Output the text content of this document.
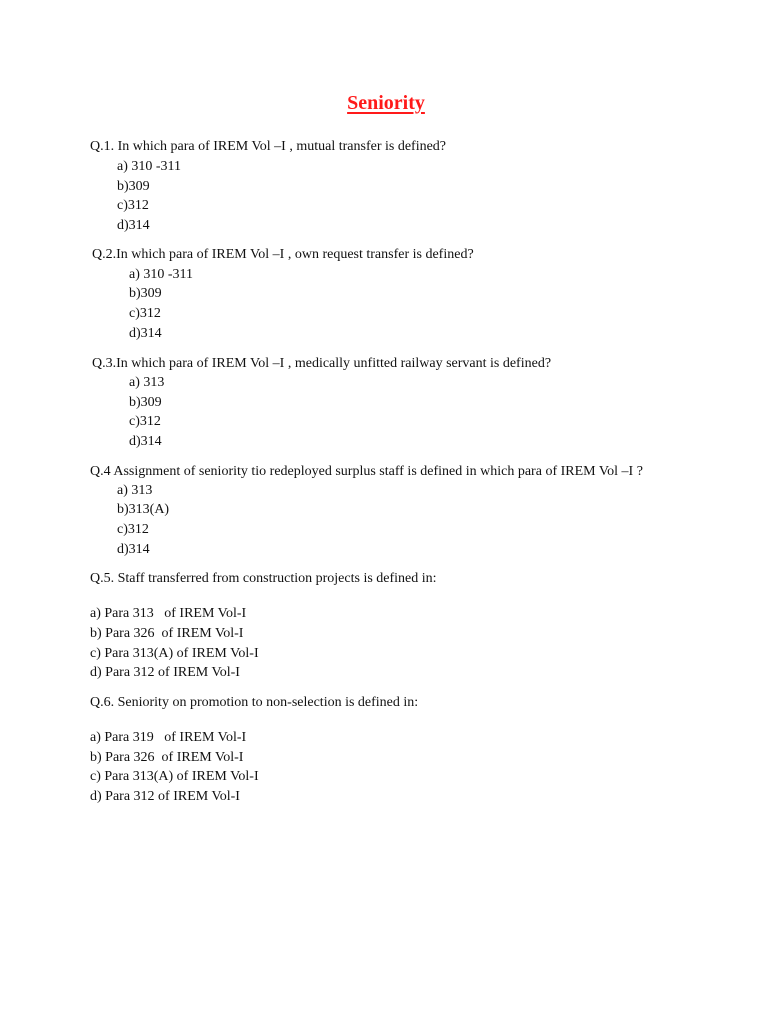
Seniority
Q.1. In which para of IREM Vol –I , mutual transfer is defined?
a) 310 -311
b)309
c)312
d)314
Q.2.In which para of IREM Vol –I , own request transfer is defined?
a) 310 -311
b)309
c)312
d)314
Q.3.In which para of IREM Vol –I , medically unfitted railway servant is defined?
a) 313
b)309
c)312
d)314
Q.4 Assignment of seniority tio redeployed surplus staff is defined in which para of IREM Vol –I ?
a) 313
b)313(A)
c)312
d)314
Q.5. Staff transferred from construction projects is defined in:
a) Para 313   of IREM Vol-I
b) Para 326  of IREM Vol-I
c) Para 313(A) of IREM Vol-I
d) Para 312 of IREM Vol-I
Q.6. Seniority on promotion to non-selection is defined in:
a) Para 319   of IREM Vol-I
b) Para 326  of IREM Vol-I
c) Para 313(A) of IREM Vol-I
d) Para 312 of IREM Vol-I
